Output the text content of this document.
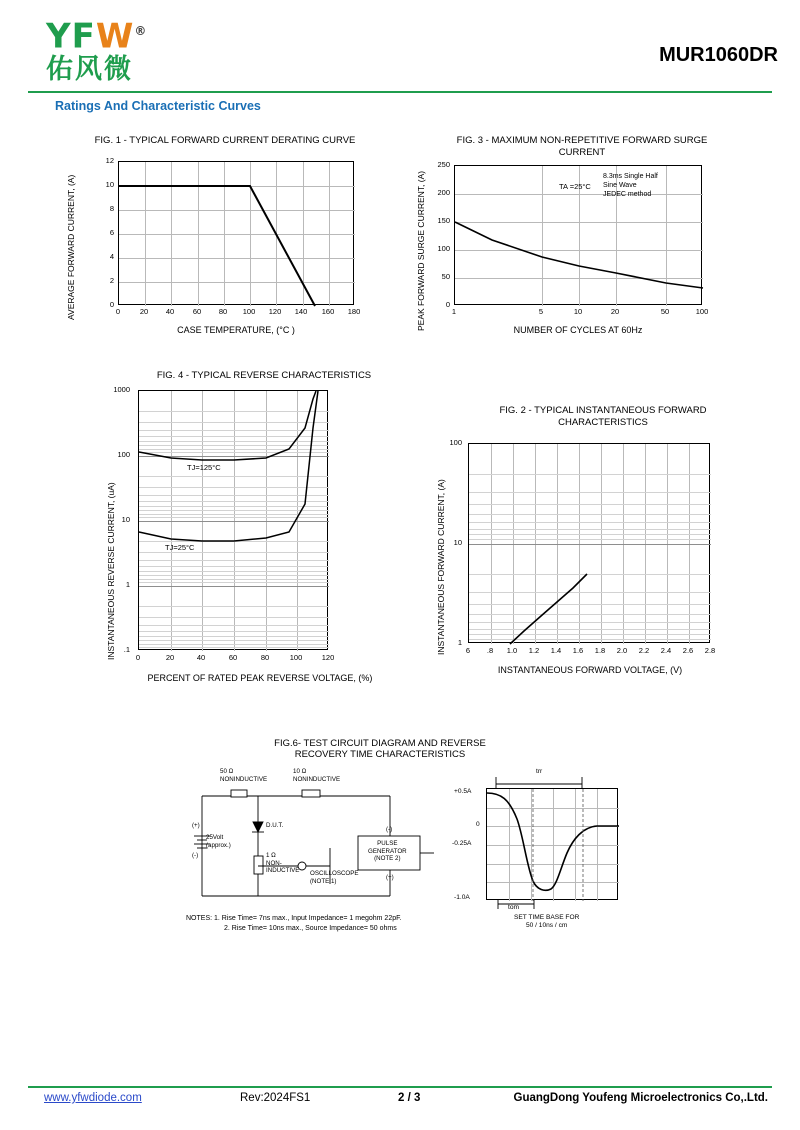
YFW®
佑风微	MUR1060DR
Ratings And Characteristic Curves
FIG. 1 - TYPICAL FORWARD CURRENT DERATING CURVE
AVERAGE FORWARD CURRENT, (A)
12
10
8
6
4
2
0
0	20	40	60	80	100	120	140	160	180
CASE TEMPERATURE, (°C )
FIG. 3 - MAXIMUM NON-REPETITIVE FORWARD SURGE CURRENT
PEAK FORWARD SURGE CURRENT, (A)	8.3ms Single Half
Sine Wave
JEDEC method
TA =25°C
250
200
150
100
50
0
1	5	10	20	50	100
NUMBER OF CYCLES AT 60Hz
FIG. 4 - TYPICAL REVERSE CHARACTERISTICS
INSTANTANEOUS REVERSE CURRENT, (uA)
TJ=125°C
TJ=25°C
1000
100
10
1
.1
0	20	40	60	80	100	120
PERCENT OF RATED PEAK REVERSE VOLTAGE, (%)
FIG. 2 - TYPICAL INSTANTANEOUS FORWARD CHARACTERISTICS
INSTANTANEOUS FORWARD CURRENT, (A)
100
10
1
6	.8	1.0	1.2	1.4	1.6	1.8	2.0	2.2	2.4	2.6	2.8
INSTANTANEOUS FORWARD VOLTAGE, (V)
FIG.6- TEST CIRCUIT DIAGRAM AND REVERSE
RECOVERY TIME CHARACTERISTICS
50 Ω
NONINDUCTIVE
10 Ω
NONINDUCTIVE
D.U.T.
(+)
25Volt
(approx.)
(-)	1 Ω
NON-
INDUCTIVE OSCILLOSCOPE
(NOTE 1)
PULSE
GENERATOR
(NOTE 2)
(-)
(+)
trr
tom
+0.5A
0
-0.25A
-1.0A
SET TIME BASE FOR
50 / 10ns / cm
NOTES: 1. Rise Time= 7ns max., Input Impedance= 1 megohm 22pF.
2. Rise Time= 10ns max., Source Impedance= 50 ohms
www.yfwdiode.com	Rev:2024FS1	2 / 3	GuangDong Youfeng Microelectronics Co,.Ltd.
